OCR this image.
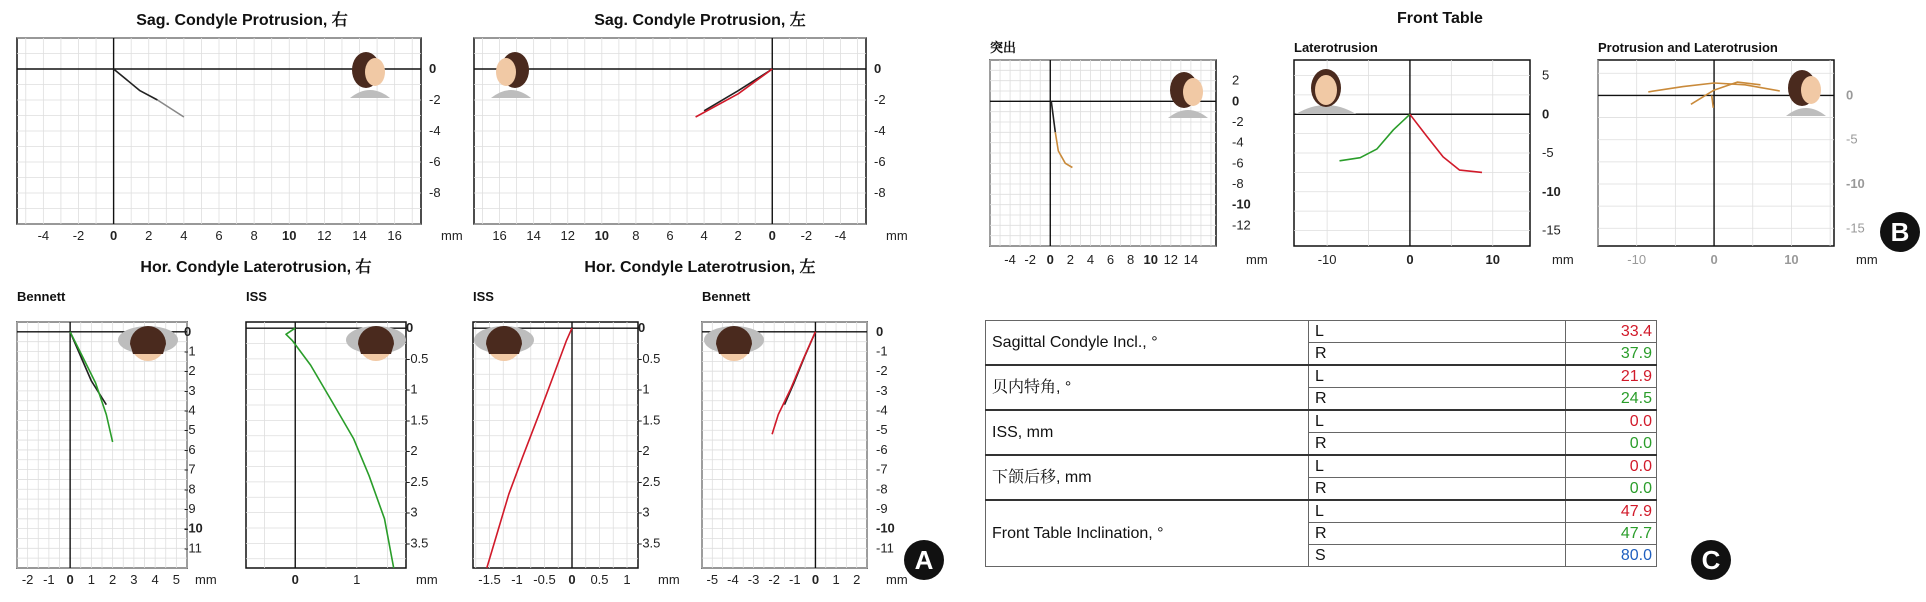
Sag. Condyle Protrusion, 右
-4 -2 0 2 4 6 8 10 12 14 16
0
-2
-4
-6
-8
mm
Sag. Condyle Protrusion, 左
16 14 12 10 8 6 4 2 0 -2 -4
0
-2
-4
-6
-8
mm
Hor. Condyle Laterotrusion, 右
Bennett
-2 -1 0 1 2 3 4 5
0
-1
-2
-3
-4
-5
-6
-7
-8
-9
-10
-11
mm
ISS
0	1
0
-0.5
-1
-1.5
-2
-2.5
-3
-3.5
mm
Hor. Condyle Laterotrusion, 左
ISS
-1.5 -1 -0.5 0 0.5 1
0
-0.5
-1
-1.5
-2
-2.5
-3
-3.5
mm
Bennett
-5 -4 -3 -2 -1 0 1 2
0
-1
-2
-3
-4
-5
-6
-7
-8
-9
-10
-11
mm
Front Table
突出
-4 -2 0 2 4 6 8 10 12 14
2
0
-2
-4
-6
-8
-10
-12
mm
Laterotrusion
-10	0	10
5
0
-5
-10
-15
mm
Protrusion and Laterotrusion
-10	0	10
0
-5
-10
-15
mm
Sagittal Condyle Incl., °	L	33.4
	R	37.9
贝内特角, °	L	21.9
	R	24.5
ISS, mm	L	0.0
	R	0.0
下颌后移, mm	L	0.0
	R	0.0
Front Table Inclination, °	L	47.9
	R	47.7
	S	80.0
A
B
C
